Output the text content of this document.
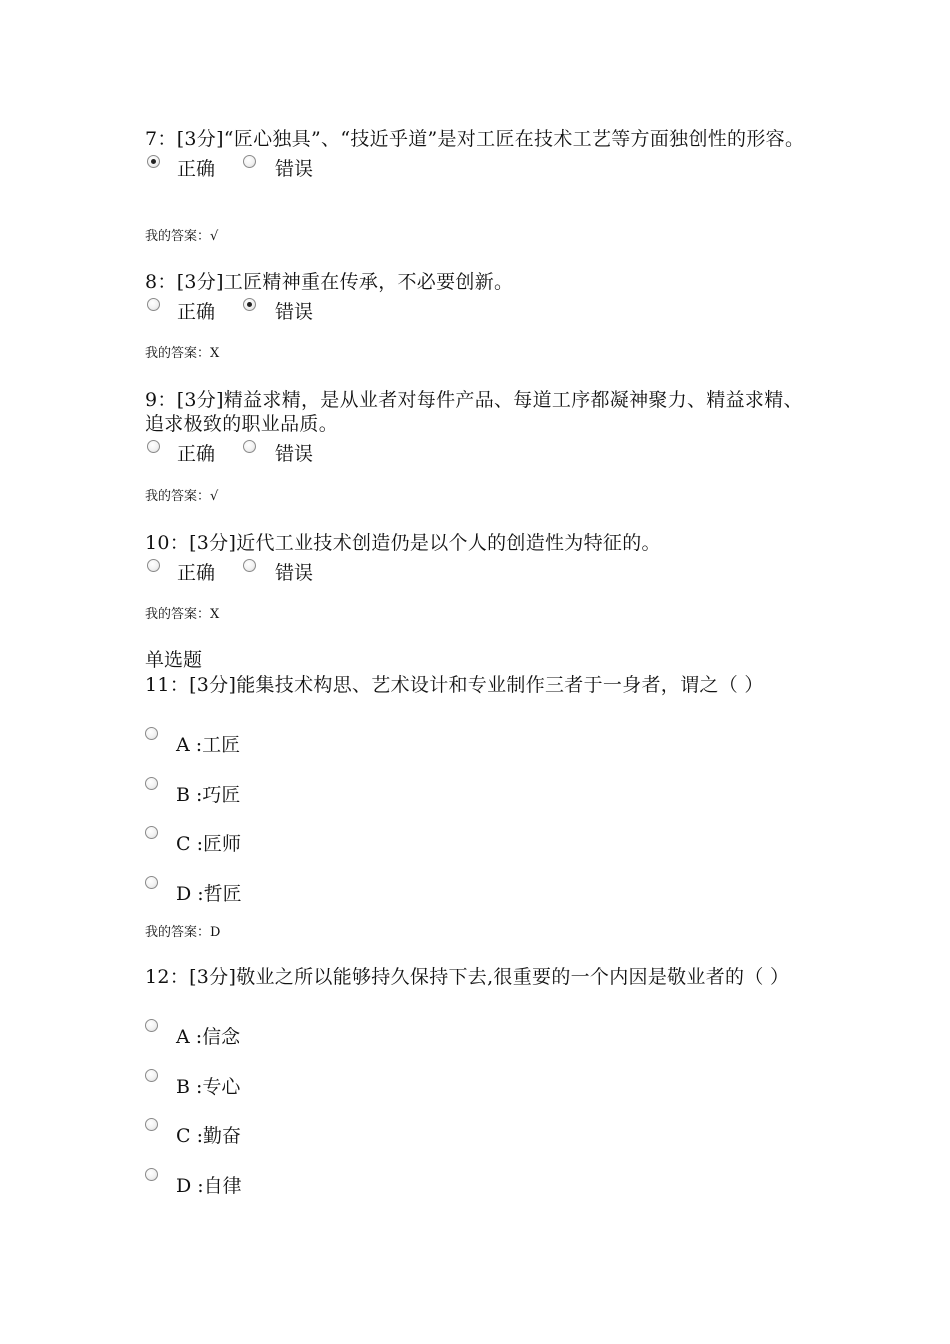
7：[3分]“匠心独具”、“技近乎道”是对工匠在技术工艺等方面独创性的形容。
正确	错误
我的答案：√
8：[3分]工匠精神重在传承，不必要创新。
正确	错误
我的答案：X
9：[3分]精益求精，是从业者对每件产品、每道工序都凝神聚力、精益求精、追求极致的职业品质。
正确	错误
我的答案：√
10：[3分]近代工业技术创造仍是以个人的创造性为特征的。
正确	错误
我的答案：X
单选题
11：[3分]能集技术构思、艺术设计和专业制作三者于一身者，谓之（ ）
A :工匠
B :巧匠
C :匠师
D :哲匠
我的答案：D
12：[3分]敬业之所以能够持久保持下去,很重要的一个内因是敬业者的（ ）
A :信念
B :专心
C :勤奋
D :自律
